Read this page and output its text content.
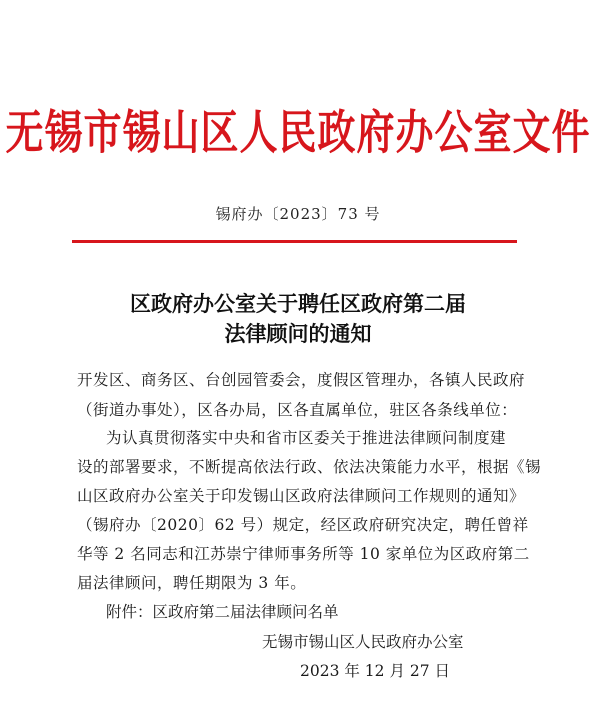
无锡市锡山区人民政府办公室文件
锡府办〔2023〕73 号
区政府办公室关于聘任区政府第二届
法律顾问的通知
开发区、商务区、台创园管委会，度假区管理办，各镇人民政府
（街道办事处），区各办局，区各直属单位，驻区各条线单位：
为认真贯彻落实中央和省市区委关于推进法律顾问制度建
设的部署要求，不断提高依法行政、依法决策能力水平，根据《锡
山区政府办公室关于印发锡山区政府法律顾问工作规则的通知》
（锡府办〔2020〕62 号）规定，经区政府研究决定，聘任曾祥
华等 2 名同志和江苏崇宁律师事务所等 10 家单位为区政府第二
届法律顾问，聘任期限为 3 年。
附件：区政府第二届法律顾问名单
无锡市锡山区人民政府办公室
2023 年 12 月 27 日
